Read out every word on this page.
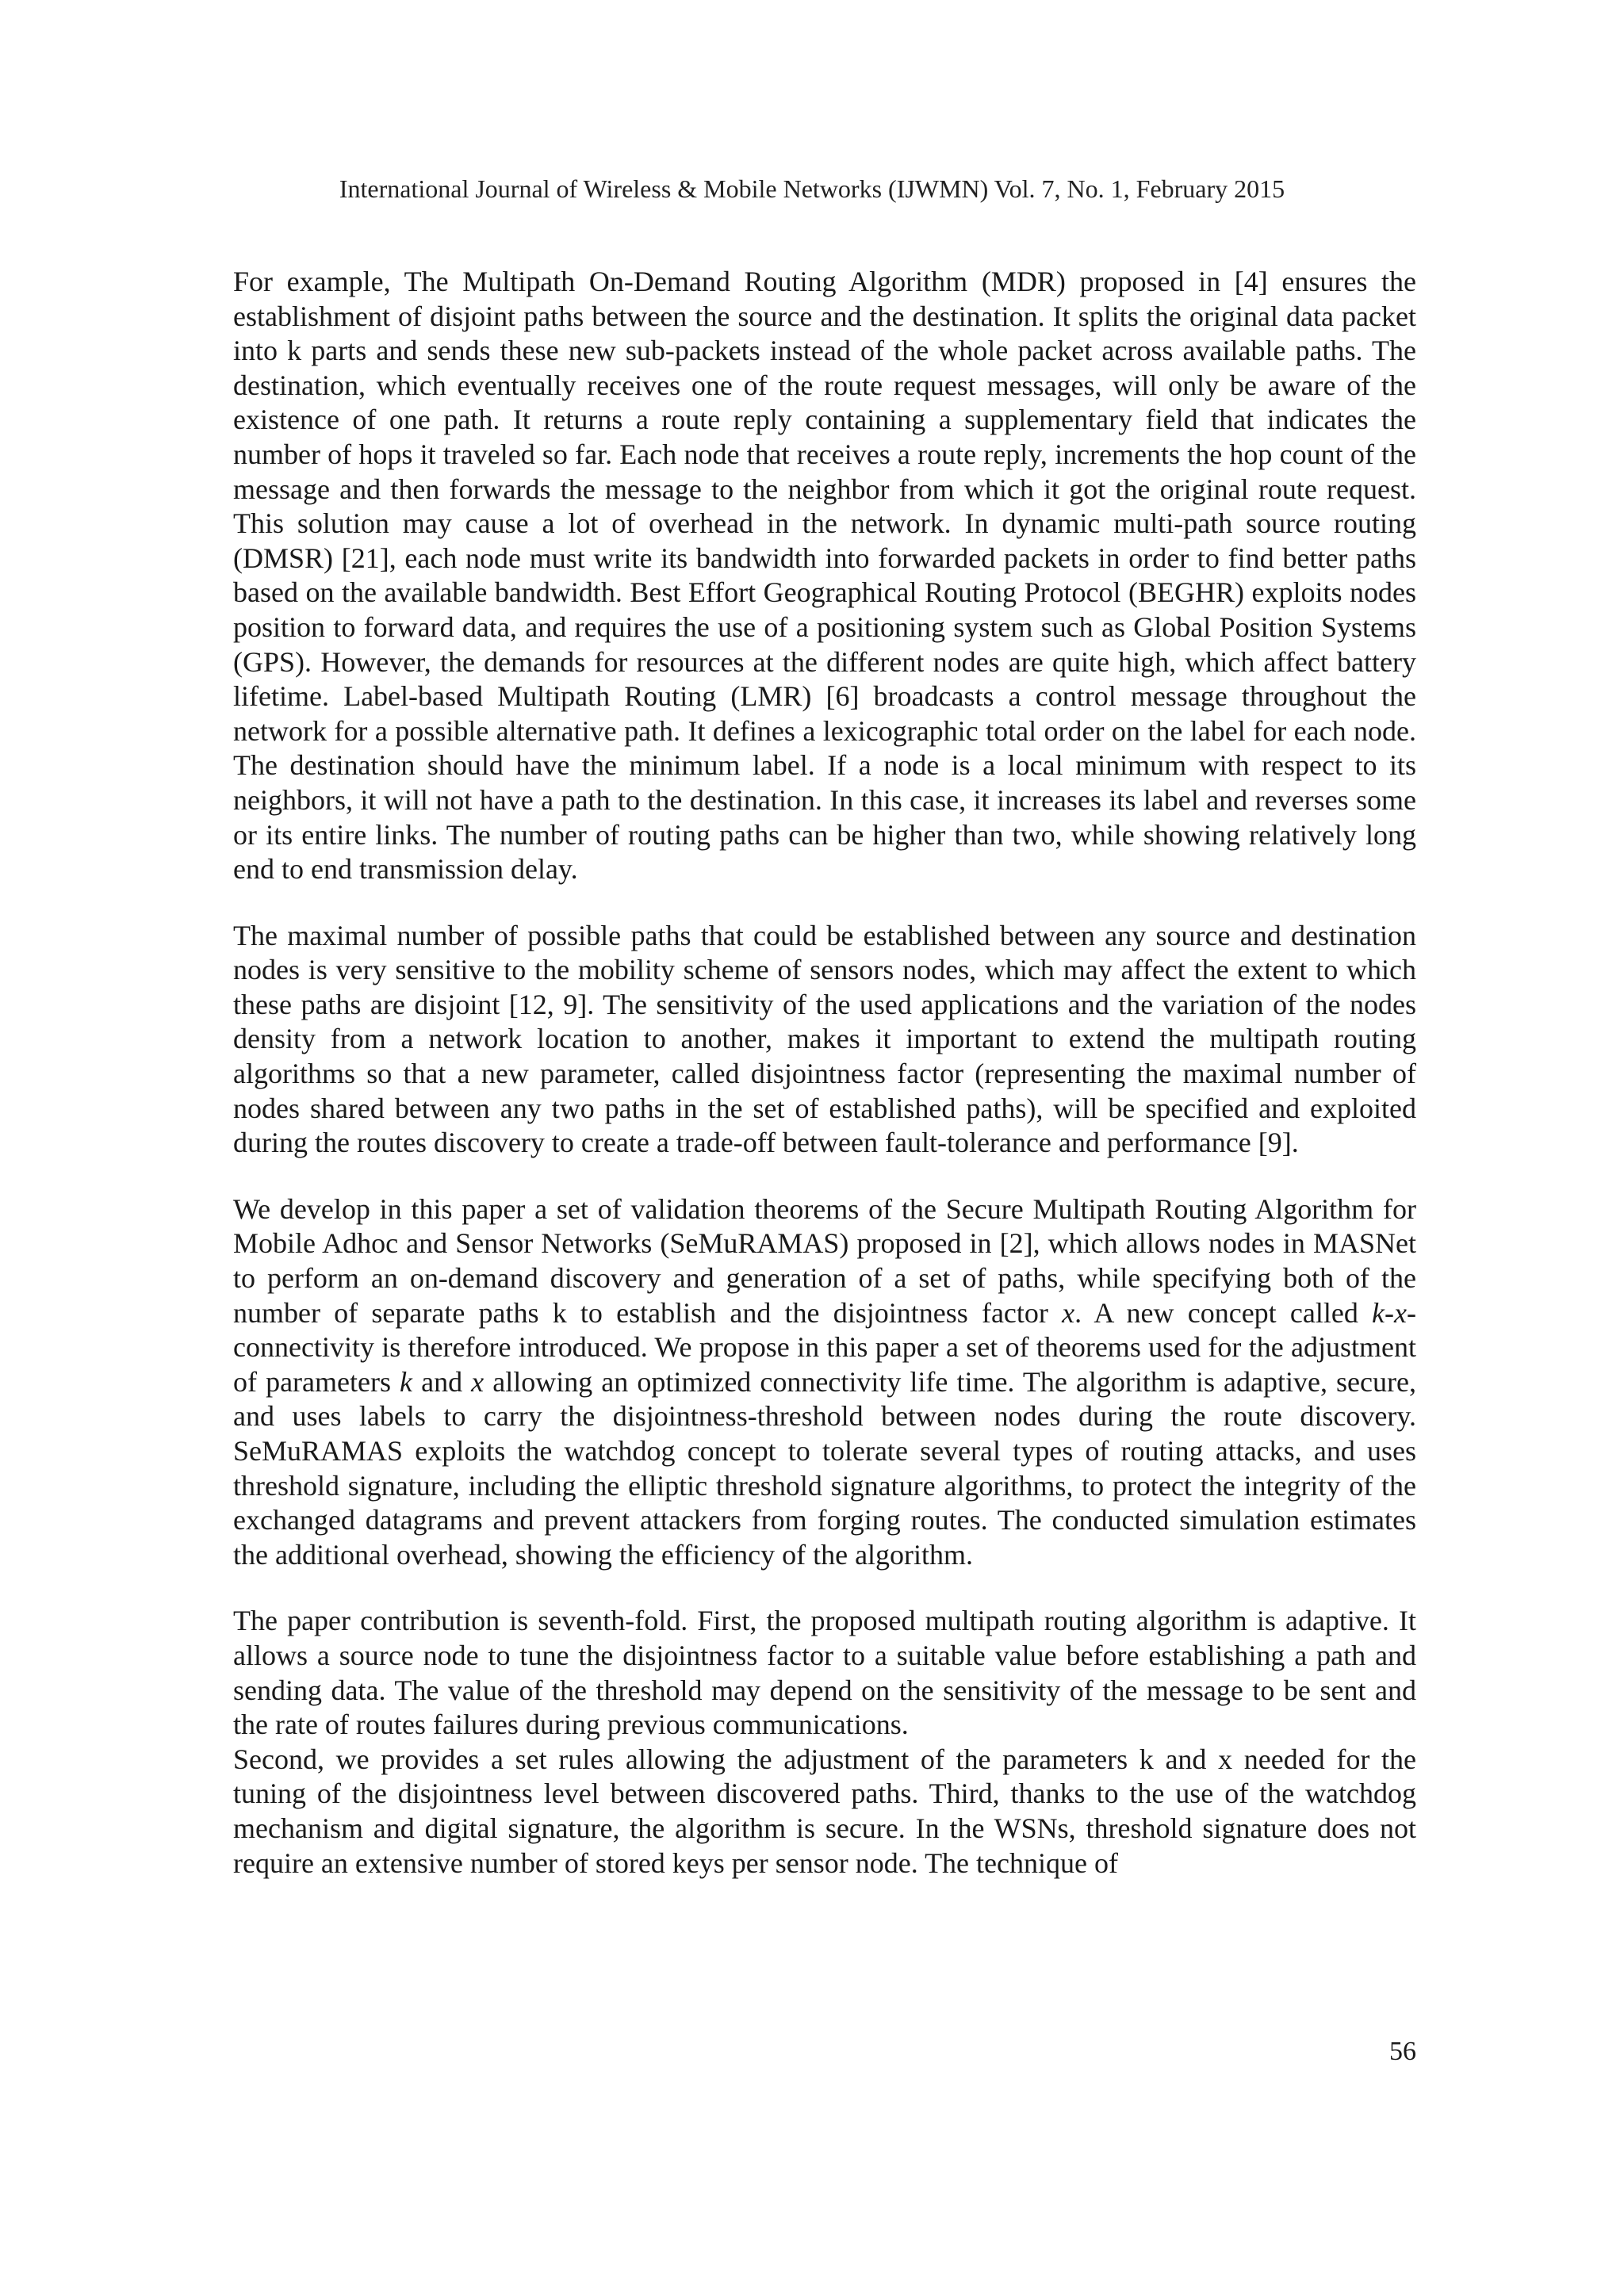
International Journal of Wireless & Mobile Networks (IJWMN) Vol. 7, No. 1, February 2015

For example, The Multipath On-Demand Routing Algorithm (MDR) proposed in [4] ensures the establishment of disjoint paths between the source and the destination. It splits the original data packet into k parts and sends these new sub-packets instead of the whole packet across available paths. The destination, which eventually receives one of the route request messages, will only be aware of the existence of one path. It returns a route reply containing a supplementary field that indicates the number of hops it traveled so far. Each node that receives a route reply, increments the hop count of the message and then forwards the message to the neighbor from which it got the original route request. This solution may cause a lot of overhead in the network. In dynamic multi-path source routing (DMSR) [21], each node must write its bandwidth into forwarded packets in order to find better paths based on the available bandwidth. Best Effort Geographical Routing Protocol (BEGHR) exploits nodes position to forward data, and requires the use of a positioning system such as Global Position Systems (GPS). However, the demands for resources at the different nodes are quite high, which affect battery lifetime. Label-based Multipath Routing (LMR) [6] broadcasts a control message throughout the network for a possible alternative path. It defines a lexicographic total order on the label for each node. The destination should have the minimum label. If a node is a local minimum with respect to its neighbors, it will not have a path to the destination. In this case, it increases its label and reverses some or its entire links. The number of routing paths can be higher than two, while showing relatively long end to end transmission delay.

The maximal number of possible paths that could be established between any source and destination nodes is very sensitive to the mobility scheme of sensors nodes, which may affect the extent to which these paths are disjoint [12, 9]. The sensitivity of the used applications and the variation of the nodes density from a network location to another, makes it important to extend the multipath routing algorithms so that a new parameter, called disjointness factor (representing the maximal number of nodes shared between any two paths in the set of established paths), will be specified and exploited during the routes discovery to create a trade-off between fault-tolerance and performance [9].

We develop in this paper a set of validation theorems of the Secure Multipath Routing Algorithm for Mobile Adhoc and Sensor Networks (SeMuRAMAS) proposed in [2], which allows nodes in MASNet to perform an on-demand discovery and generation of a set of paths, while specifying both of the number of separate paths k to establish and the disjointness factor x. A new concept called k-x-connectivity is therefore introduced. We propose in this paper a set of theorems used for the adjustment of parameters k and x allowing an optimized connectivity life time. The algorithm is adaptive, secure, and uses labels to carry the disjointness-threshold between nodes during the route discovery. SeMuRAMAS exploits the watchdog concept to tolerate several types of routing attacks, and uses threshold signature, including the elliptic threshold signature algorithms, to protect the integrity of the exchanged datagrams and prevent attackers from forging routes. The conducted simulation estimates the additional overhead, showing the efficiency of the algorithm.

The paper contribution is seventh-fold. First, the proposed multipath routing algorithm is adaptive. It allows a source node to tune the disjointness factor to a suitable value before establishing a path and sending data. The value of the threshold may depend on the sensitivity of the message to be sent and the rate of routes failures during previous communications.

Second, we provides a set rules allowing the adjustment of the parameters k and x needed for the tuning of the disjointness level between discovered paths. Third, thanks to the use of the watchdog mechanism and digital signature, the algorithm is secure. In the WSNs, threshold signature does not require an extensive number of stored keys per sensor node. The technique of

56
